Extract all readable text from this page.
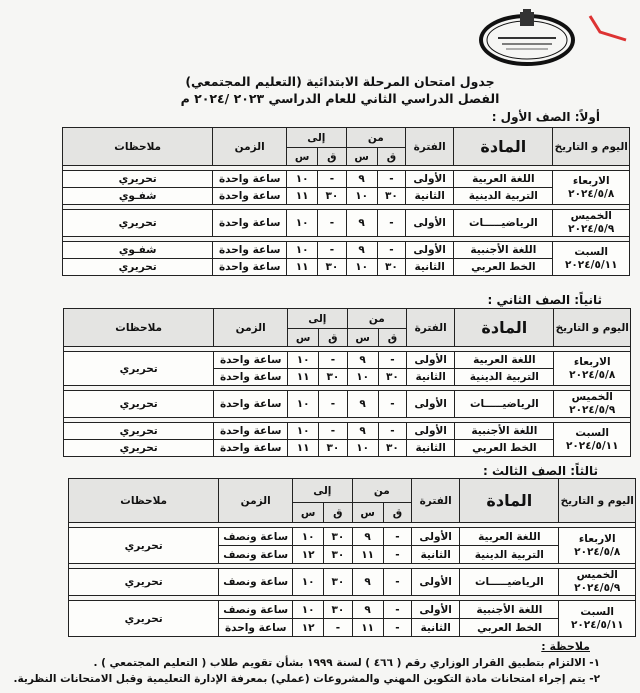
جدول امتحان المرحلة الابتدائية (التعليم المجتمعي)
الفصل الدراسي الثاني للعام الدراسي ٢٠٢٣ /٢٠٢٤ م
أولاً: الصف الأول :
اليوم و التاريخ	المادة	الفترة	من		إلى		الزمن	ملاحظات
			ق	س	ق	س		

الاربعاء
٢٠٢٤/٥/٨	اللغة العربية	الأولى	-	٩	-	١٠	ساعة واحدة	تحريري
	التربية الدينية	الثانية	٣٠	١٠	٣٠	١١	ساعة واحدة	شفـوي

الخميس
٢٠٢٤/٥/٩	الرياضيـــــات	الأولى	-	٩	-	١٠	ساعة واحدة	تحريري

السبت
٢٠٢٤/٥/١١	اللغة الأجنبية	الأولى	-	٩	-	١٠	ساعة واحدة	شفـوي
	الخط العربي	الثانية	٣٠	١٠	٣٠	١١	ساعة واحدة	تحريري
ثانياً: الصف الثاني :
اليوم و التاريخ	المادة	الفترة	من		إلى		الزمن	ملاحظات
			ق	س	ق	س		

الاربعاء
٢٠٢٤/٥/٨	اللغة العربية	الأولى	-	٩	-	١٠	ساعة واحدة	تحريري
	التربية الدينية	الثانية	٣٠	١٠	٣٠	١١	ساعة واحدة	

الخميس
٢٠٢٤/٥/٩	الرياضيـــــات	الأولى	-	٩	-	١٠	ساعة واحدة	تحريري

السبت
٢٠٢٤/٥/١١	اللغة الأجنبية	الأولى	-	٩	-	١٠	ساعة واحدة	تحريري
	الخط العربي	الثانية	٣٠	١٠	٣٠	١١	ساعة واحدة	تحريري
ثالثاً: الصف الثالث :
اليوم و التاريخ	المادة	الفترة	من		إلى		الزمن	ملاحظات
			ق	س	ق	س		

الاربعاء
٢٠٢٤/٥/٨	اللغة العربية	الأولى	-	٩	٣٠	١٠	ساعة ونصف	تحريري
	التربية الدينية	الثانية	-	١١	٣٠	١٢	ساعة ونصف	

الخميس
٢٠٢٤/٥/٩	الرياضيـــــات	الأولى	-	٩	٣٠	١٠	ساعة ونصف	تحريري

السبت
٢٠٢٤/٥/١١	اللغة الأجنبية	الأولى	-	٩	٣٠	١٠	ساعة ونصف	تحريري
	الخط العربي	الثانية	-	١١	-	١٢	ساعة واحدة	
ملاحظة :
١- الالتزام بتطبيق القرار الوزاري رقم ( ٤٦٦ ) لسنة ١٩٩٩ بشأن تقويم طلاب ( التعليم المجتمعي ) .
٢- يتم إجراء امتحانات مادة التكوين المهني والمشروعات (عملي) بمعرفة الإدارة التعليمية وقبل الامتحانات النظرية.
